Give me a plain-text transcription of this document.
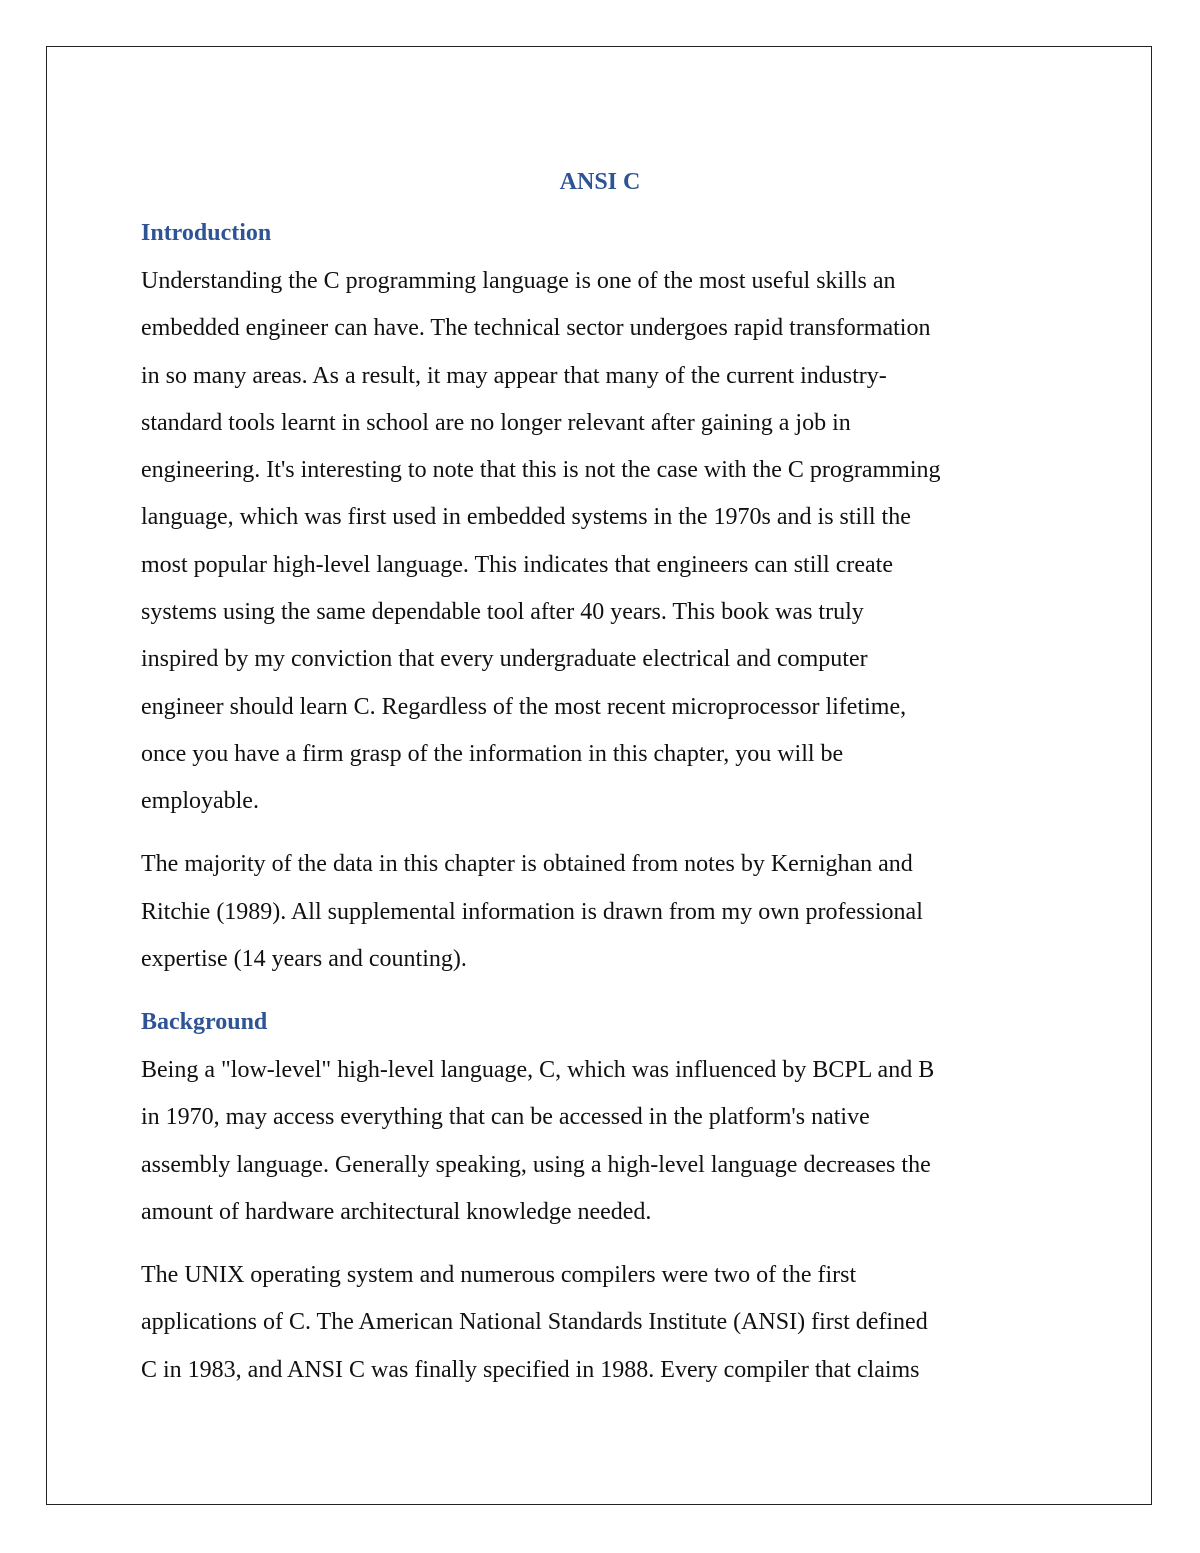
ANSI C
Introduction
Understanding the C programming language is one of the most useful skills an
embedded engineer can have. The technical sector undergoes rapid transformation
in so many areas. As a result, it may appear that many of the current industry-
standard tools learnt in school are no longer relevant after gaining a job in
engineering. It's interesting to note that this is not the case with the C programming
language, which was first used in embedded systems in the 1970s and is still the
most popular high-level language. This indicates that engineers can still create
systems using the same dependable tool after 40 years. This book was truly
inspired by my conviction that every undergraduate electrical and computer
engineer should learn C. Regardless of the most recent microprocessor lifetime,
once you have a firm grasp of the information in this chapter, you will be
employable.
The majority of the data in this chapter is obtained from notes by Kernighan and
Ritchie (1989). All supplemental information is drawn from my own professional
expertise (14 years and counting).
Background
Being a "low-level" high-level language, C, which was influenced by BCPL and B
in 1970, may access everything that can be accessed in the platform's native
assembly language. Generally speaking, using a high-level language decreases the
amount of hardware architectural knowledge needed.
The UNIX operating system and numerous compilers were two of the first
applications of C. The American National Standards Institute (ANSI) first defined
C in 1983, and ANSI C was finally specified in 1988. Every compiler that claims
